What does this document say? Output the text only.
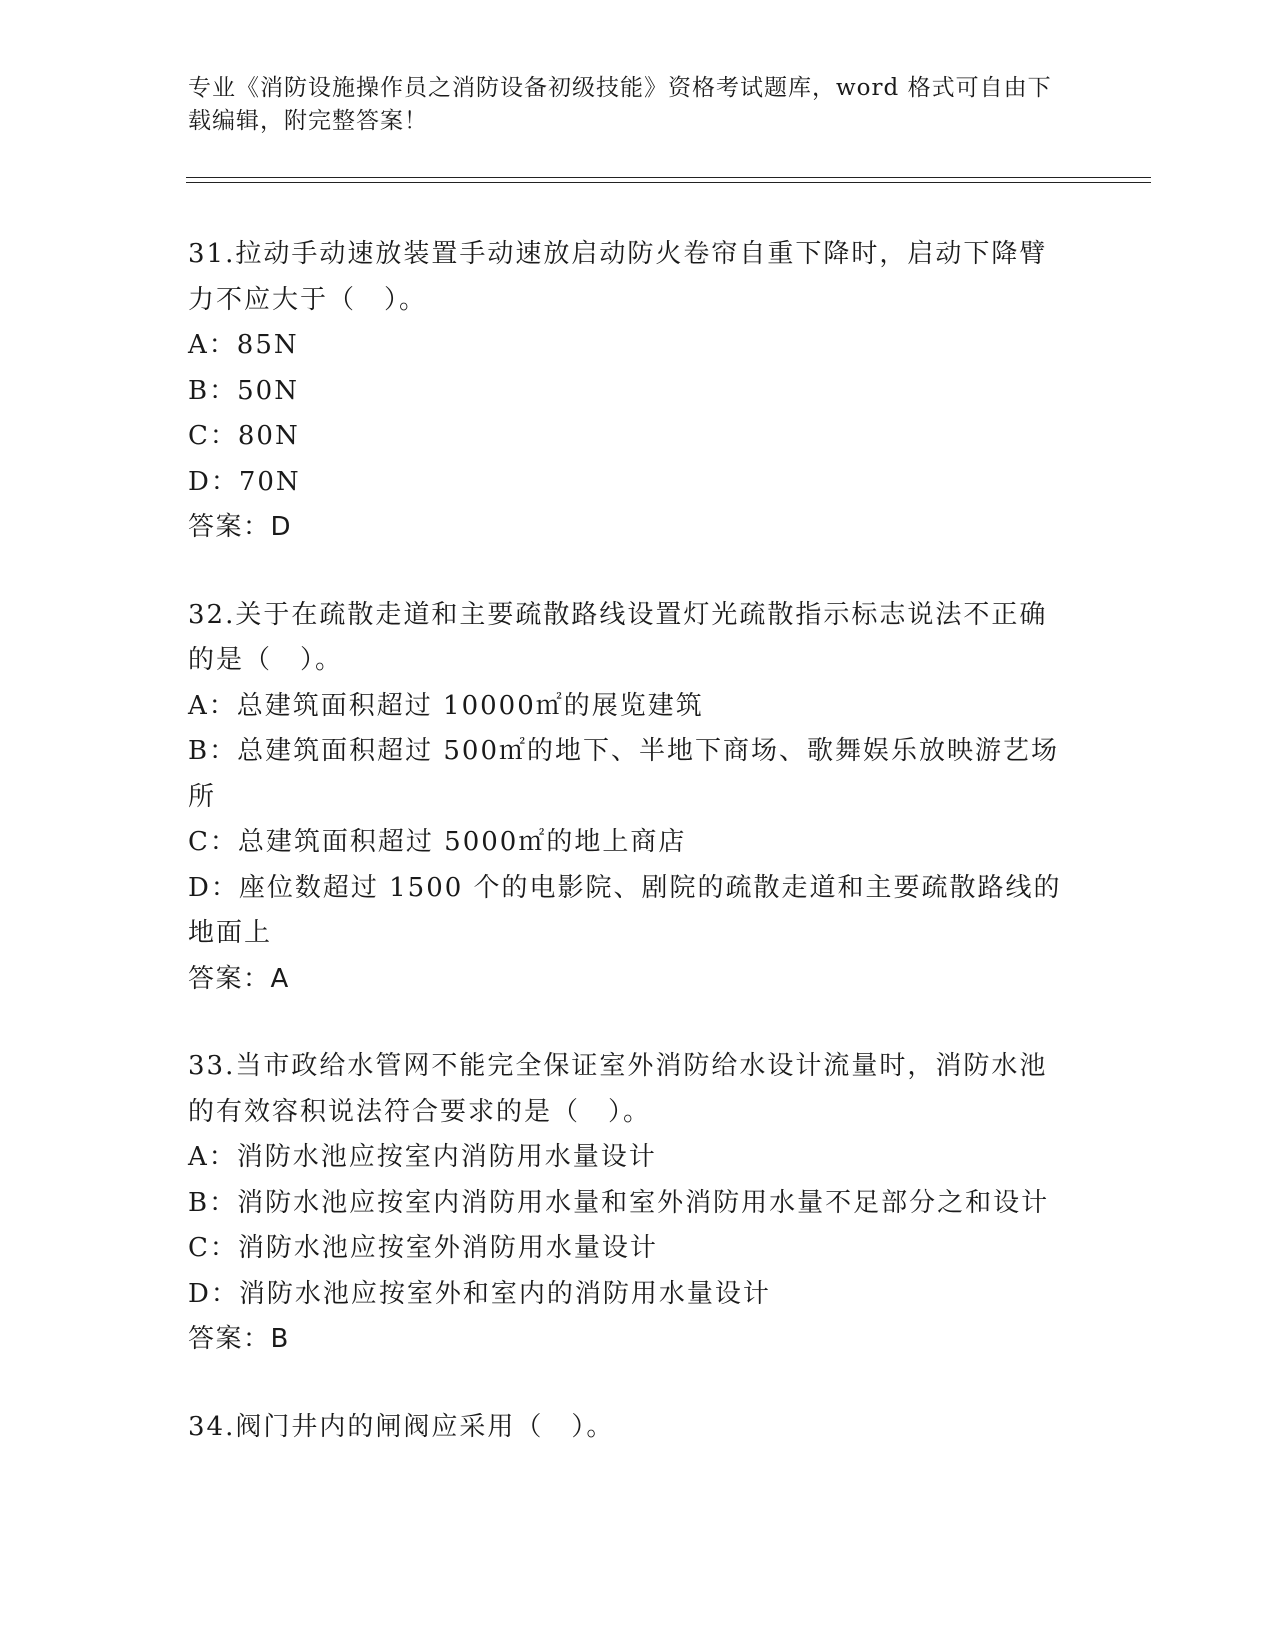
专业《消防设施操作员之消防设备初级技能》资格考试题库，word 格式可自由下载编辑，附完整答案！
31.拉动手动速放装置手动速放启动防火卷帘自重下降时，启动下降臂力不应大于（　）。
A：85N
B：50N
C：80N
D：70N
答案：D
32.关于在疏散走道和主要疏散路线设置灯光疏散指示标志说法不正确的是（　）。
A：总建筑面积超过 10000㎡的展览建筑
B：总建筑面积超过 500㎡的地下、半地下商场、歌舞娱乐放映游艺场所
C：总建筑面积超过 5000㎡的地上商店
D：座位数超过 1500 个的电影院、剧院的疏散走道和主要疏散路线的地面上
答案：A
33.当市政给水管网不能完全保证室外消防给水设计流量时，消防水池的有效容积说法符合要求的是（　）。
A：消防水池应按室内消防用水量设计
B：消防水池应按室内消防用水量和室外消防用水量不足部分之和设计
C：消防水池应按室外消防用水量设计
D：消防水池应按室外和室内的消防用水量设计
答案：B
34.阀门井内的闸阀应采用（　）。
